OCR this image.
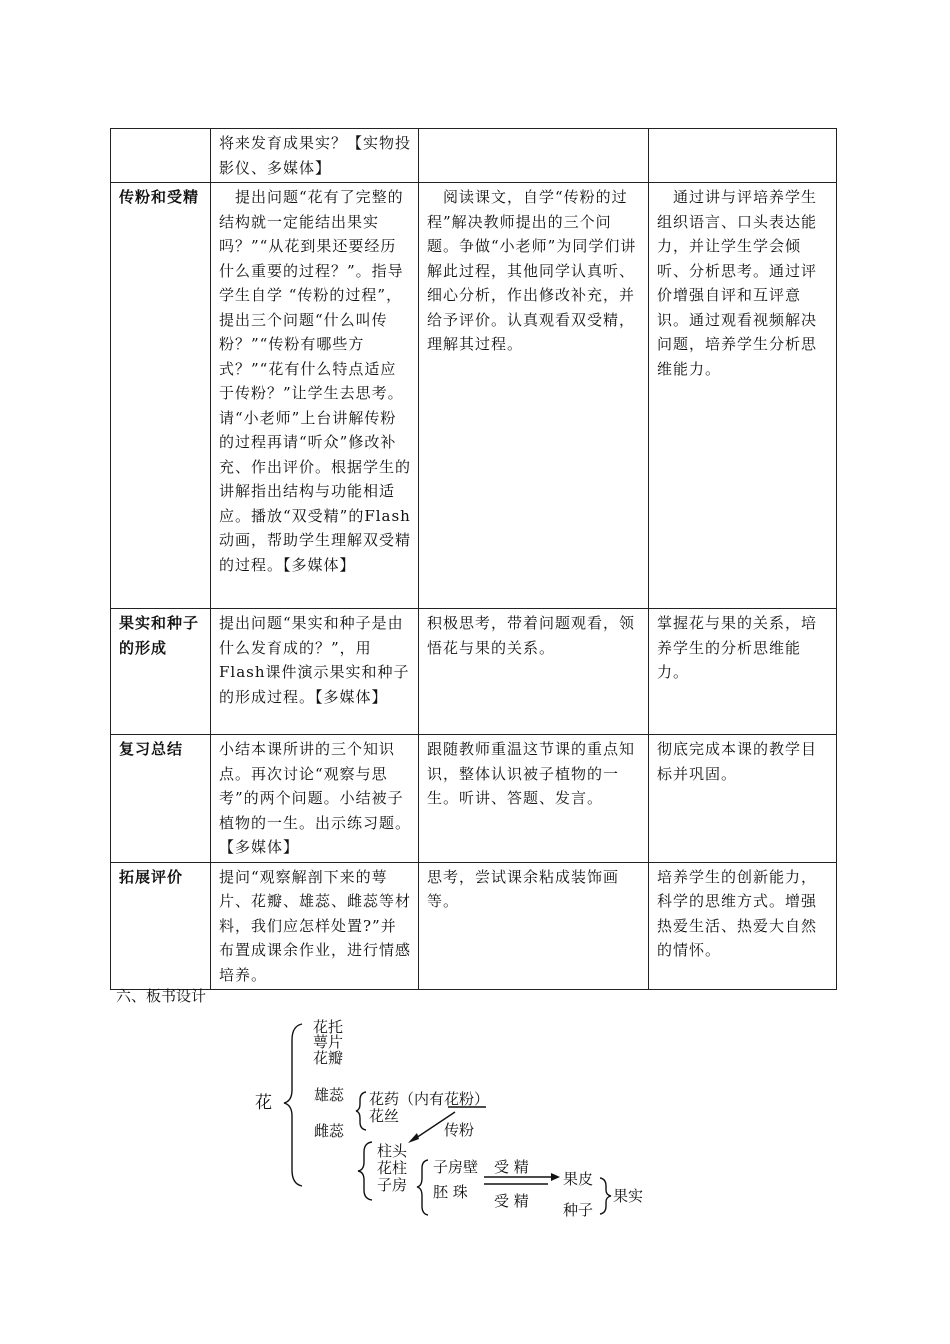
	将来发育成果实？【实物投影仪、多媒体】		
传粉和受精	　提出问题“花有了完整的结构就一定能结出果实吗？”“从花到果还要经历什么重要的过程？”。指导学生自学 “传粉的过程”，提出三个问题“什么叫传粉？”“传粉有哪些方式？”“花有什么特点适应于传粉？”让学生去思考。请“小老师”上台讲解传粉的过程再请“听众”修改补充、作出评价。根据学生的讲解指出结构与功能相适应。播放“双受精”的Flash动画，帮助学生理解双受精的过程。【多媒体】	　阅读课文，自学“传粉的过程”解决教师提出的三个问题。争做“小老师”为同学们讲解此过程，其他同学认真听、细心分析，作出修改补充，并给予评价。认真观看双受精，理解其过程。	　通过讲与评培养学生组织语言、口头表达能力，并让学生学会倾听、分析思考。通过评价增强自评和互评意识。通过观看视频解决问题，培养学生分析思维能力。
果实和种子的形成	提出问题“果实和种子是由什么发育成的？”，用Flash课件演示果实和种子的形成过程。【多媒体】	积极思考，带着问题观看，领悟花与果的关系。	掌握花与果的关系，培养学生的分析思维能力。
复习总结	小结本课所讲的三个知识点。再次讨论“观察与思考”的两个问题。小结被子植物的一生。出示练习题。【多媒体】	跟随教师重温这节课的重点知识，整体认识被子植物的一生。听讲、答题、发言。	彻底完成本课的教学目标并巩固。
拓展评价	提问“观察解剖下来的萼片、花瓣、雄蕊、雌蕊等材料，我们应怎样处置?”并布置成课余作业，进行情感培养。	思考，尝试课余粘成装饰画等。	培养学生的创新能力，科学的思维方式。增强热爱生活、热爱大自然的情怀。
六、板书设计
花
花托
萼片
花瓣
雄蕊
雌蕊
花药（内有花粉）
花丝
传粉
柱头
花柱
子房
子房壁 受 精
胚 珠 受 精
果皮
种子
果实
